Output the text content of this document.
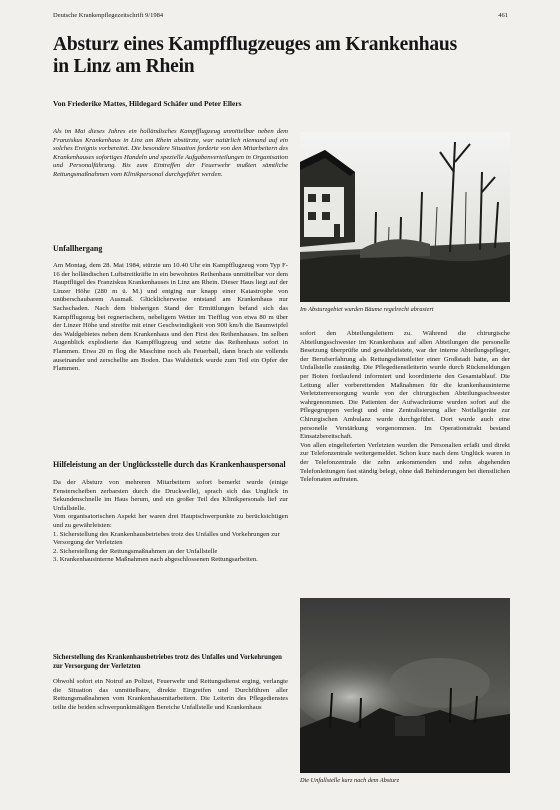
Deutsche Krankenpflegezeitschrift 9/1984	461
Absturz eines Kampfflugzeuges am Krankenhaus
in Linz am Rhein
Von Friederike Mattes, Hildegard Schäfer und Peter Ellers

Als im Mai dieses Jahres ein holländisches Kampfflugzeug unmittelbar neben dem Franziskus Krankenhaus in Linz am Rhein abstürzte, war natürlich niemand auf ein solches Ereignis vorbereitet. Die besondere Situation forderte von den Mitarbeitern des Krankenhauses sofortiges Handeln und spezielle Aufgabenverteilungen in Organisation und Personalführung. Bis zum Eintreffen der Feuerwehr mußten sämtliche Rettungsmaßnahmen vom Klinikpersonal durchgeführt werden.

Unfallhergang

Am Montag, dem 28. Mai 1984, stürzte um 10.40 Uhr ein Kampfflugzeug vom Typ F-16 der holländischen Luftstreitkräfte in ein bewohntes Reihenhaus unmittelbar vor dem Hauptflügel des Franziskus Krankenhauses in Linz am Rhein. Dieser Haus liegt auf der Linzer Höhe (280 m ü. M.) und entging nur knapp einer Katastrophe von unüberschaubarem Ausmaß. Glücklicherweise entstand am Krankenhaus nur Sachschaden. Nach dem bisherigen Stand der Ermittlungen befand sich das Kampfflugzeug bei regnerischem, nebeligem Wetter im Tiefflug von etwa 80 m über der Linzer Höhe und streifte mit einer Geschwindigkeit von 900 km/h die Baumwipfel des Waldgebietes neben dem Krankenhaus und den First des Reihenhauses. Im selben Augenblick explodierte das Kampfflugzeug und setzte das Reihenhaus sofort in Flammen. Etwa 20 m flog die Maschine noch als Feuerball, dann brach sie vollends auseinander und zerschellte am Boden. Das Waldstück wurde zum Teil ein Opfer der Flammen.

Hilfeleistung an der Unglücksstelle durch das Krankenhauspersonal

Da der Absturz von mehreren Mitarbeitern sofort bemerkt wurde (einige Fensterscheiben zerbarsten durch die Druckwelle), sprach sich das Unglück in Sekundenschnelle im Haus herum, und ein großer Teil des Klinikpersonals lief zur Unfallstelle.

Vom organisatorischen Aspekt her waren drei Hauptschwerpunkte zu berücksichtigen und zu gewährleisten:

1. Sicherstellung des Krankenhausbetriebes trotz des Unfalles und Vorkehrungen zur Versorgung der Verletzten
2. Sicherstellung der Rettungsmaßnahmen an der Unfallstelle
3. Krankenhausinterne Maßnahmen nach abgeschlossenen Rettungsarbeiten.

Sicherstellung des Krankenhausbetriebes trotz des Unfalles und Vorkehrungen zur Versorgung der Verletzten

Obwohl sofort ein Notruf an Polizei, Feuerwehr und Rettungsdienst erging, verlangte die Situation das unmittelbare, direkte Eingreifen und Durchführen aller Rettungsmaßnahmen vom Krankenhausmitarbeitern. Die Leiterin des Pflegedienstes teilte die beiden schwerpunktmäßigen Bereiche Unfallstelle und Krankenhaus

Im Absturzgebiet wurden Bäume regelrecht abrasiert

sofort den Abteilungsleitern zu. Während die chirurgische Abteilungsschwester im Krankenhaus auf allen Abteilungen die personelle Besetzung überprüfte und gewährleistete, war der interne Abteilungspfleger, der Berufserfahrung als Rettungsdienstleiter einer Großstadt hatte, an der Unfallstelle zuständig. Die Pflegedienstleiterin wurde durch Rückmeldungen per Boten fortlaufend informiert und koordinierte den Gesamtablauf. Die Leitung aller vorbereitenden Maßnahmen für die krankenhausinterne Verletztenversorgung wurde von der chirurgischen Abteilungsschwester wahrgenommen. Die Patienten der Aufwachräume wurden sofort auf die Pflegegruppen verlegt und eine Zentralisierung aller Notfallgeräte zur Chirurgischen Ambulanz wurde durchgeführt. Dort wurde auch eine personelle Verstärkung vorgenommen. Im Operationstrakt bestand Einsatzbereitschaft.

Von allen eingelieferten Verletzten wurden die Personalien erfaßt und direkt zur Telefonzentrale weitergemeldet. Schon kurz nach dem Unglück waren in der Telefonzentrale die zehn ankommenden und zehn abgehenden Telefonleitungen fast ständig belegt, ohne daß Behinderungen bei dienstlichen Telefonaten auftraten.

Die Unfallstelle kurz nach dem Absturz
